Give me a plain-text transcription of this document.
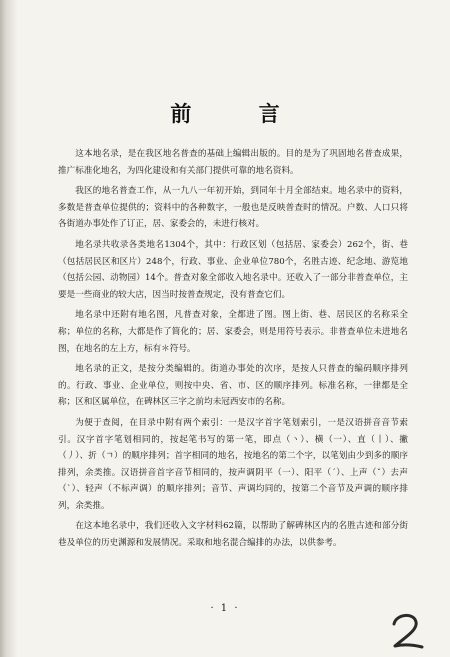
前 言

这本地名录，是在我区地名普查的基础上编辑出版的。目的是为了巩固地名普查成果，推广标准化地名，为四化建设和有关部门提供可靠的地名资料。

我区的地名普查工作，从一九八一年初开始，到同年十月全部结束。地名录中的资料，多数是普查单位提供的；资料中的各种数字，一般也是反映普查时的情况。户数、人口只将各街道办事处作了订正，居、家委会的，未进行核对。

地名录共收录各类地名1304个，其中：行政区划（包括居、家委会）262个，街、巷（包括居民区和区片）248个，行政、事业、企业单位780个，名胜古迹、纪念地、游览地（包括公园、动物园）14个。普查对象全部收入地名录中。还收入了一部分非普查单位，主要是一些商业的较大店，因当时按普查规定，没有普查它们。

地名录中还附有地名图，凡普查对象，全都进了图。图上街、巷、居民区的名称采全称；单位的名称，大都是作了简化的；居、家委会，则是用符号表示。非普查单位未进地名图，在地名的左上方，标有＊符号。

地名录的正文，是按分类编辑的。街道办事处的次序，是按人只普查的编码顺序排列的。行政、事业、企业单位，则按中央、省、市、区的顺序排列。标准名称，一律都是全称；区和区属单位，在碑林区三字之前均未冠西安市的名称。

为便于查阅，在目录中附有两个索引：一是汉字首字笔划索引，一是汉语拼音音节索引。汉字首字笔划相同的，按起笔书写的第一笔，即点（丶）、横（一）、直（丨）、撇（丿）、折（ㄱ）的顺序排列；首字相同的地名，按地名的第二个字，以笔划由少到多的顺序排列，余类推。汉语拼音首字音节相同的，按声调阴平（一）、阳平（ˊ）、上声（ˇ）去声（ˋ）、轻声（不标声调）的顺序排列；音节、声调均同的，按第二个音节及声调的顺序排列，余类推。

在这本地名录中，我们还收入文字材料62篇，以帮助了解碑林区内的名胜古迹和部分街巷及单位的历史渊源和发展情况。采取和地名混合编排的办法，以供参考。

· 1 ·
